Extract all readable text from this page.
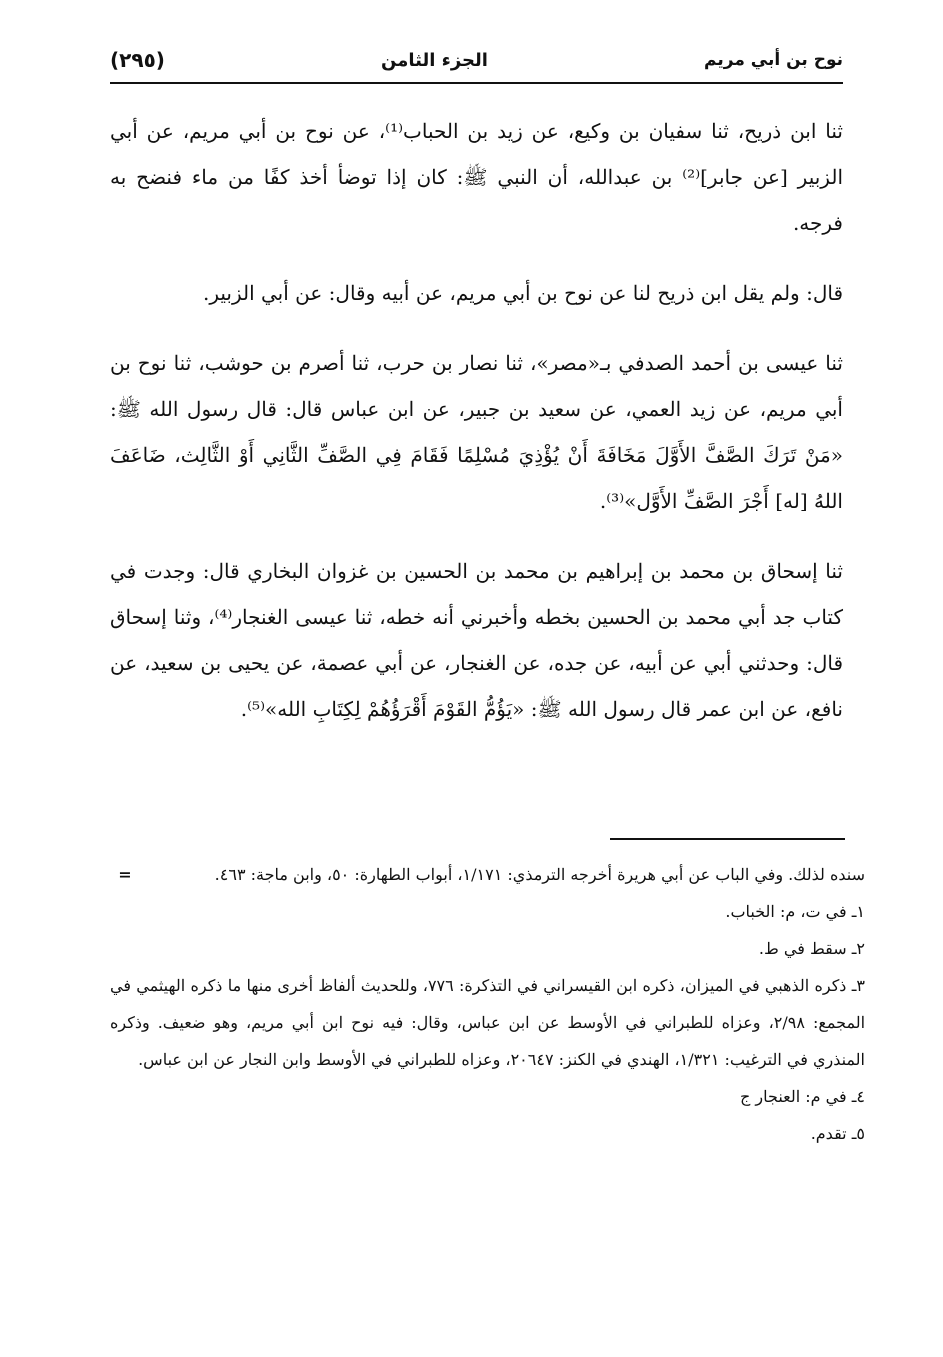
نوح بن أبي مريم
الجزء الثامن
(٢٩٥)

ثنا ابن ذريح، ثنا سفيان بن وكيع، عن زيد بن الحباب⁽¹⁾، عن نوح بن أبي مريم، عن أبي الزبير [عن جابر]⁽²⁾ بن عبدالله، أن النبي ﷺ: كان إذا توضأ أخذ كفًا من ماء فنضح به فرجه.

قال: ولم يقل ابن ذريح لنا عن نوح بن أبي مريم، عن أبيه وقال: عن أبي الزبير.

ثنا عيسى بن أحمد الصدفي بـ«مصر»، ثنا نصار بن حرب، ثنا أصرم بن حوشب، ثنا نوح بن أبي مريم، عن زيد العمي، عن سعيد بن جبير، عن ابن عباس قال: قال رسول الله ﷺ: «مَنْ تَرَكَ الصَّفَّ الأَوَّلَ مَخَافَةَ أَنْ يُؤْذِيَ مُسْلِمًا فَقَامَ فِي الصَّفِّ الثَّانِي أَوْ الثَّالِث، ضَاعَفَ اللهُ [له] أَجْرَ الصَّفِّ الأَوَّل»⁽³⁾.

ثنا إسحاق بن محمد بن إبراهيم بن محمد بن الحسين بن غزوان البخاري قال: وجدت في كتاب جد أبي محمد بن الحسين بخطه وأخبرني أنه خطه، ثنا عيسى الغنجار⁽⁴⁾، وثنا إسحاق قال: وحدثني أبي عن أبيه، عن جده، عن الغنجار، عن أبي عصمة، عن يحيى بن سعيد، عن نافع، عن ابن عمر قال رسول الله ﷺ: «يَؤُمُّ القَوْمَ أَقْرَؤُهُمْ لِكِتَابِ الله»⁽⁵⁾.

سنده لذلك. وفي الباب عن أبي هريرة أخرجه الترمذي: ١/١٧١، أبواب الطهارة: ٥٠، وابن ماجة: ٤٦٣.
=
١ـ في ت، م: الخباب.
٢ـ سقط في ط.
٣ـ ذكره الذهبي في الميزان، ذكره ابن القيسراني في التذكرة: ٧٧٦، وللحديث ألفاظ أخرى منها ما ذكره الهيثمي في المجمع: ٢/٩٨، وعزاه للطبراني في الأوسط عن ابن عباس، وقال: فيه نوح ابن أبي مريم، وهو ضعيف. وذكره المنذري في الترغيب: ١/٣٢١، الهندي في الكنز: ٢٠٦٤٧، وعزاه للطبراني في الأوسط وابن النجار عن ابن عباس.
٤ـ في م: العنجار ج
٥ـ تقدم.
